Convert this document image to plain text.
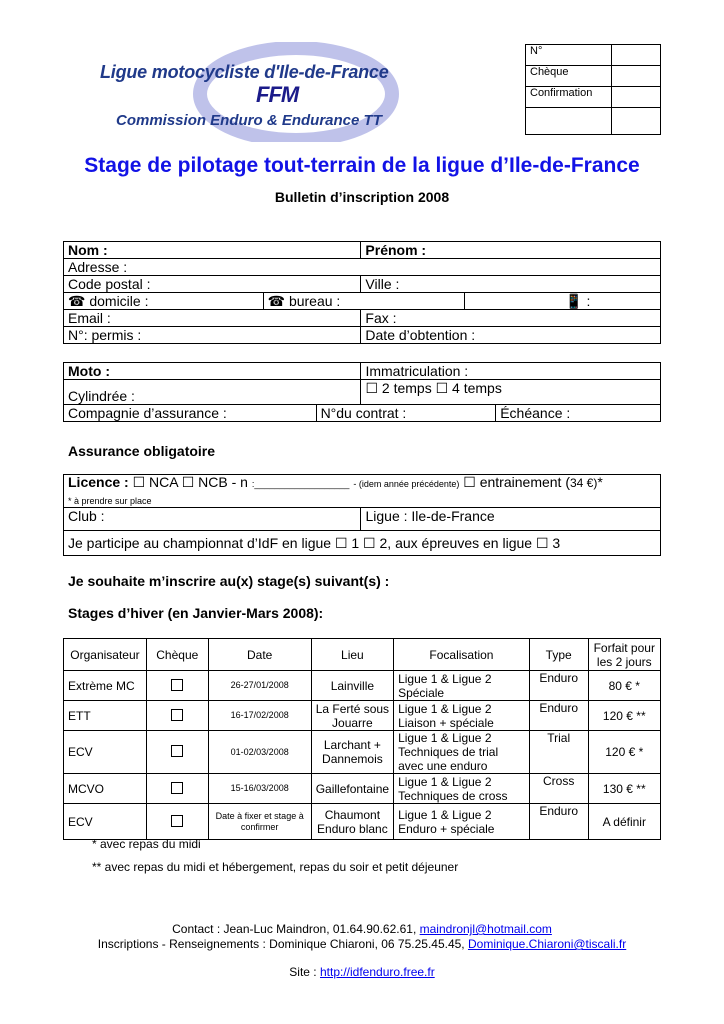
Ligue motocycliste d'Ile-de-France
FFM
Commission Enduro & Endurance TT
N°	
Chèque	
Confirmation	

Stage de pilotage tout-terrain de la ligue d’Ile-de-France
Bulletin d’inscription 2008
Nom :		Prénom :	
Adresse :			
Code postal :		Ville :	
☎ domicile :	☎ bureau :		📱 :
Email :		Fax :	
N°: permis :		Date d’obtention :	
Moto :		Immatriculation :	
Cylindrée :		☐ 2 temps ☐ 4 temps	
Compagnie d’assurance :	N°du contrat :		Échéance :
Assurance obligatoire
Licence : ☐ NCA ☐ NCB - n :___________________ - (idem année précédente) ☐ entrainement (34 €)*
* à prendre sur place
Club :	Ligue : Ile-de-France
Je participe au championnat d’IdF en ligue ☐ 1 ☐ 2, aux épreuves en ligue ☐ 3
Je souhaite m’inscrire au(x) stage(s) suivant(s) :
Stages d’hiver (en Janvier-Mars 2008):
Organisateur	Chèque	Date	Lieu	Focalisation	Type	Forfait pour les 2 jours
Extrème MC		26-27/01/2008	Lainville	Ligue 1 & Ligue 2 Spéciale	Enduro	80 € *
ETT		16-17/02/2008	La Ferté sous Jouarre	Ligue 1 & Ligue 2 Liaison + spéciale	Enduro	120 € **
ECV		01-02/03/2008	Larchant + Dannemois	Ligue 1 & Ligue 2 Techniques de trial avec une enduro	Trial	120 € *
MCVO		15-16/03/2008	Gaillefontaine	Ligue 1 & Ligue 2 Techniques de cross	Cross	130 € **
ECV		Date à fixer et stage à confirmer	Chaumont Enduro blanc	Ligue 1 & Ligue 2 Enduro + spéciale	Enduro	A définir
* avec repas du midi
** avec repas du midi et hébergement, repas du soir et petit déjeuner
Contact : Jean-Luc Maindron, 01.64.90.62.61, maindronjl@hotmail.com
Inscriptions - Renseignements : Dominique Chiaroni, 06 75.25.45.45, Dominique.Chiaroni@tiscali.fr
Site : http://idfenduro.free.fr
